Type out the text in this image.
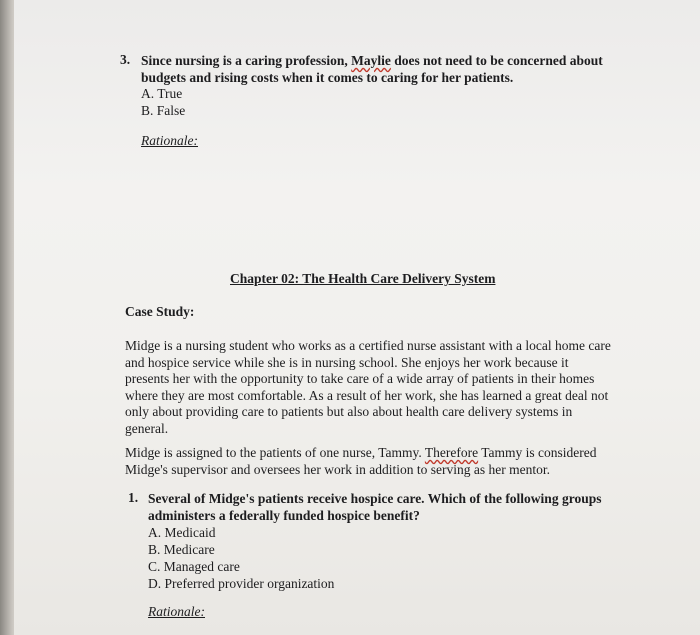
3. Since nursing is a caring profession, Maylie does not need to be concerned about
budgets and rising costs when it comes to caring for her patients.
A. True
B. False
Rationale:
Chapter 02: The Health Care Delivery System
Case Study:
Midge is a nursing student who works as a certified nurse assistant with a local home care
and hospice service while she is in nursing school. She enjoys her work because it
presents her with the opportunity to take care of a wide array of patients in their homes
where they are most comfortable. As a result of her work, she has learned a great deal not
only about providing care to patients but also about health care delivery systems in
general.
Midge is assigned to the patients of one nurse, Tammy. Therefore Tammy is considered
Midge's supervisor and oversees her work in addition to serving as her mentor.
1. Several of Midge's patients receive hospice care. Which of the following groups
administers a federally funded hospice benefit?
A. Medicaid
B. Medicare
C. Managed care
D. Preferred provider organization
Rationale:
